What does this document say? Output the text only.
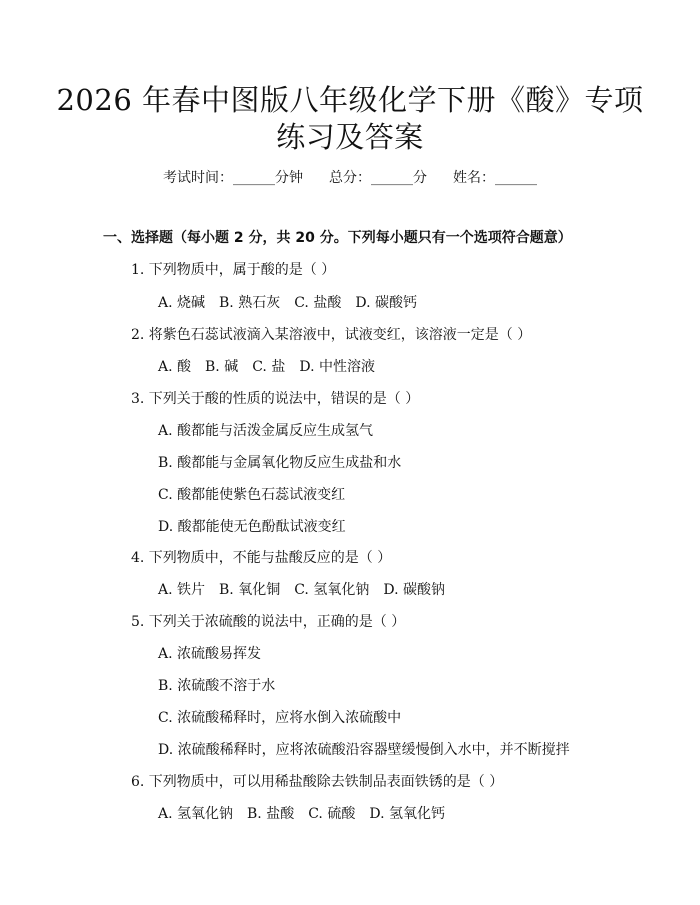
2026 年春中图版八年级化学下册《酸》专项
练习及答案
考试时间：______分钟 总分：______分 姓名：______
一、选择题（每小题 2 分，共 20 分。下列每小题只有一个选项符合题意）
1. 下列物质中，属于酸的是（ ）
A. 烧碱 B. 熟石灰 C. 盐酸 D. 碳酸钙
2. 将紫色石蕊试液滴入某溶液中，试液变红，该溶液一定是（ ）
A. 酸 B. 碱 C. 盐 D. 中性溶液
3. 下列关于酸的性质的说法中，错误的是（ ）
A. 酸都能与活泼金属反应生成氢气
B. 酸都能与金属氧化物反应生成盐和水
C. 酸都能使紫色石蕊试液变红
D. 酸都能使无色酚酞试液变红
4. 下列物质中，不能与盐酸反应的是（ ）
A. 铁片 B. 氧化铜 C. 氢氧化钠 D. 碳酸钠
5. 下列关于浓硫酸的说法中，正确的是（ ）
A. 浓硫酸易挥发
B. 浓硫酸不溶于水
C. 浓硫酸稀释时，应将水倒入浓硫酸中
D. 浓硫酸稀释时，应将浓硫酸沿容器壁缓慢倒入水中，并不断搅拌
6. 下列物质中，可以用稀盐酸除去铁制品表面铁锈的是（ ）
A. 氢氧化钠 B. 盐酸 C. 硫酸 D. 氢氧化钙
